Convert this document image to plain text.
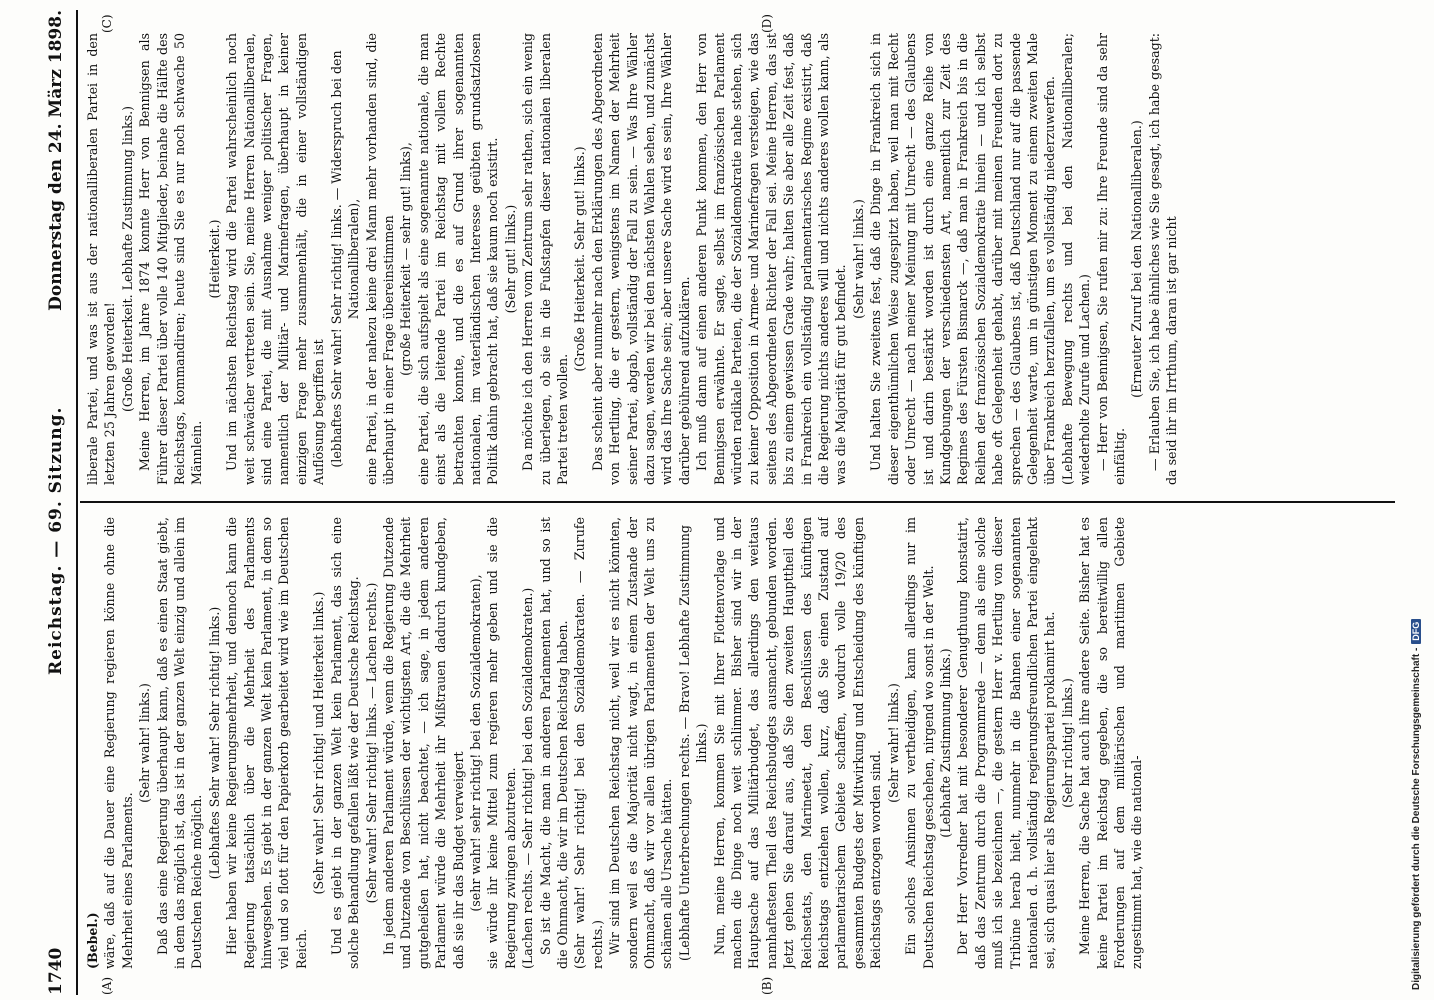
1740
Reichstag. — 69. Sitzung.
Donnerstag den 24. März 1898.
(A)	(B)
(C)	(D)

(Bebel.) wäre, daß auf die Dauer eine Regierung regieren könne ohne die Mehrheit eines Parlaments.

(Sehr wahr! links.) Daß das eine Regierung überhaupt kann, daß es einen Staat giebt, in dem das möglich ist, das ist in der ganzen Welt einzig und allein im Deutschen Reiche möglich.

(Lebhaftes Sehr wahr! Sehr richtig! links.) Hier haben wir keine Regierungsmehrheit, und dennoch kann die Regierung tatsächlich über die Mehrheit des Parlaments hinwegsehen. Es giebt in der ganzen Welt kein Parlament, in dem so viel und so flott für den Papierkorb gearbeitet wird wie im Deutschen Reich.

(Sehr wahr! Sehr richtig! und Heiterkeit links.) Und es giebt in der ganzen Welt kein Parlament, das sich eine solche Behandlung gefallen läßt wie der Deutsche Reichstag. (Sehr wahr! Sehr richtig! links. — Lachen rechts.) In jedem anderen Parlament würde, wenn die Regierung Dutzende und Dutzende von Beschlüssen der wichtigsten Art, die die Mehrheit gutgeheißen hat, nicht beachtet, — ich sage, in jedem anderen Parlament würde die Mehrheit ihr Mißtrauen dadurch kundgeben, daß sie ihr das Budget verweigert (sehr wahr! sehr richtig! bei den Sozialdemokraten), sie würde ihr keine Mittel zum regieren mehr geben und sie die Regierung zwingen abzutreten. (Lachen rechts. — Sehr richtig! bei den Sozialdemokraten.) So ist die Macht, die man in anderen Parlamenten hat, und so ist die Ohnmacht, die wir im Deutschen Reichstag haben. (Sehr wahr! Sehr richtig! bei den Sozialdemokraten. — Zurufe rechts.) Wir sind im Deutschen Reichstag nicht, weil wir es nicht könnten, sondern weil es die Majorität nicht wagt, in einem Zustande der Ohnmacht, daß wir vor allen übrigen Parlamenten der Welt uns zu schämen alle Ursache hätten. (Lebhafte Unterbrechungen rechts. — Bravo! Lebhafte Zustimmung links.) Nun, meine Herren, kommen Sie mit Ihrer Flottenvorlage und machen die Dinge noch weit schlimmer. Bisher sind wir in der Hauptsache auf das Militärbudget, das allerdings den weitaus namhaftesten Theil des Reichsbudgets ausmacht, gebunden worden. Jetzt gehen Sie darauf aus, daß Sie den zweiten Haupttheil des Reichsetats, den Marineetat, den Beschlüssen des künftigen Reichstags entziehen wollen, kurz, daß Sie einen Zustand auf parlamentarischem Gebiete schaffen, wodurch volle 19/20 des gesammten Budgets der Mitwirkung und Entscheidung des künftigen Reichstags entzogen worden sind.

(Sehr wahr! links.) Ein solches Ansinnen zu vertheidigen, kann allerdings nur im Deutschen Reichstag geschehen, nirgend wo sonst in der Welt. (Lebhafte Zustimmung links.) Der Herr Vorredner hat mit besonderer Genugthuung konstatirt, daß das Zentrum durch die Programmrede — denn als eine solche muß ich sie bezeichnen —, die gestern Herr v. Hertling von dieser Tribüne herab hielt, nunmehr in die Bahnen einer sogenannten nationalen d. h. vollständig regierungsfreundlichen Partei eingelenkt sei, sich quasi hier als Regierungspartei proklamirt hat. (Sehr richtig! links.) Meine Herren, die Sache hat auch ihre andere Seite. Bisher hat es keine Partei im Reichstag gegeben, die so bereitwillig allen Forderungen auf dem militärischen und maritimen Gebiete zugestimmt hat, wie die national-

liberale Partei, und was ist aus der nationalliberalen Partei in den letzten 25 Jahren geworden! (Große Heiterkeit. Lebhafte Zustimmung links.) Meine Herren, im Jahre 1874 konnte Herr von Bennigsen als Führer dieser Partei über volle 140 Mitglieder, beinahe die Hälfte des Reichstags, kommandiren; heute sind Sie es nur noch schwache 50 Männlein.

(Heiterkeit.) Und im nächsten Reichstag wird die Partei wahrscheinlich noch weit schwächer vertreten sein. Sie, meine Herren Nationalliberalen, sind eine Partei, die mit Ausnahme weniger politischer Fragen, namentlich der Militär- und Marinefragen, überhaupt in keiner einzigen Frage mehr zusammenhält, die in einer vollständigen Auflösung begriffen ist (lebhaftes Sehr wahr! Sehr richtig! links. — Widerspruch bei den Nationalliberalen), eine Partei, in der nahezu keine drei Mann mehr vorhanden sind, die überhaupt in einer Frage übereinstimmen (große Heiterkeit — sehr gut! links), eine Partei, die sich aufspielt als eine sogenannte nationale, die man einst als die leitende Partei im Reichstag mit vollem Rechte betrachten konnte, und die es auf Grund ihrer sogenannten nationalen, im vaterländischen Interesse geübten grundsatzlosen Politik dahin gebracht hat, daß sie kaum noch existirt. (Sehr gut! links.) Da möchte ich den Herren vom Zentrum sehr rathen, sich ein wenig zu überlegen, ob sie in die Fußstapfen dieser nationalen liberalen Partei treten wollen.

(Große Heiterkeit. Sehr gut! links.) Das scheint aber nunmehr nach den Erklärungen des Abgeordneten von Hertling, die er gestern, wenigstens im Namen der Mehrheit seiner Partei, abgab, vollständig der Fall zu sein. — Was Ihre Wähler dazu sagen, werden wir bei den nächsten Wahlen sehen, und zunächst wird das Ihre Sache sein; aber unsere Sache wird es sein, Ihre Wähler darüber gebührend aufzuklären. Ich muß dann auf einen anderen Punkt kommen, den Herr von Bennigsen erwähnte. Er sagte, selbst im französischen Parlament würden radikale Parteien, die der Sozialdemokratie nahe stehen, sich zu keiner Opposition in Armee- und Marinefragen versteigen, wie das seitens des Abgeordneten Richter der Fall sei. Meine Herren, das ist bis zu einem gewissen Grade wahr; halten Sie aber alle Zeit fest, daß in Frankreich ein vollständig parlamentarisches Regime existirt, daß die Regierung nichts anderes will und nichts anderes wollen kann, als was die Majorität für gut befindet.

(Sehr wahr! links.) Und halten Sie zweitens fest, daß die Dinge in Frankreich sich in dieser eigenthümlichen Weise zugespitzt haben, weil man mit Recht oder Unrecht — nach meiner Meinung mit Unrecht — des Glaubens ist und darin bestärkt worden ist durch eine ganze Reihe von Kundgebungen der verschiedensten Art, namentlich zur Zeit des Regimes des Fürsten Bismarck —, daß man in Frankreich bis in die Reihen der französischen Sozialdemokratie hinein — und ich selbst habe oft Gelegenheit gehabt, darüber mit meinen Freunden dort zu sprechen — des Glaubens ist, daß Deutschland nur auf die passende Gelegenheit warte, um in günstigen Moment zu einem zweiten Male über Frankreich herzufallen, um es vollständig niederzuwerfen. (Lebhafte Bewegung rechts und bei den Nationalliberalen; wiederholte Zurufe und Lachen.) — Herr von Bennigsen, Sie rufen mir zu: Ihre Freunde sind da sehr einfältig.

(Erneuter Zuruf bei den Nationalliberalen.) — Erlauben Sie, ich habe ähnliches wie Sie gesagt, ich habe gesagt: da seid ihr im Irrthum, daran ist gar nicht

Digitalisierung gefördert durch die Deutsche Forschungsgemeinschaft -DFG
